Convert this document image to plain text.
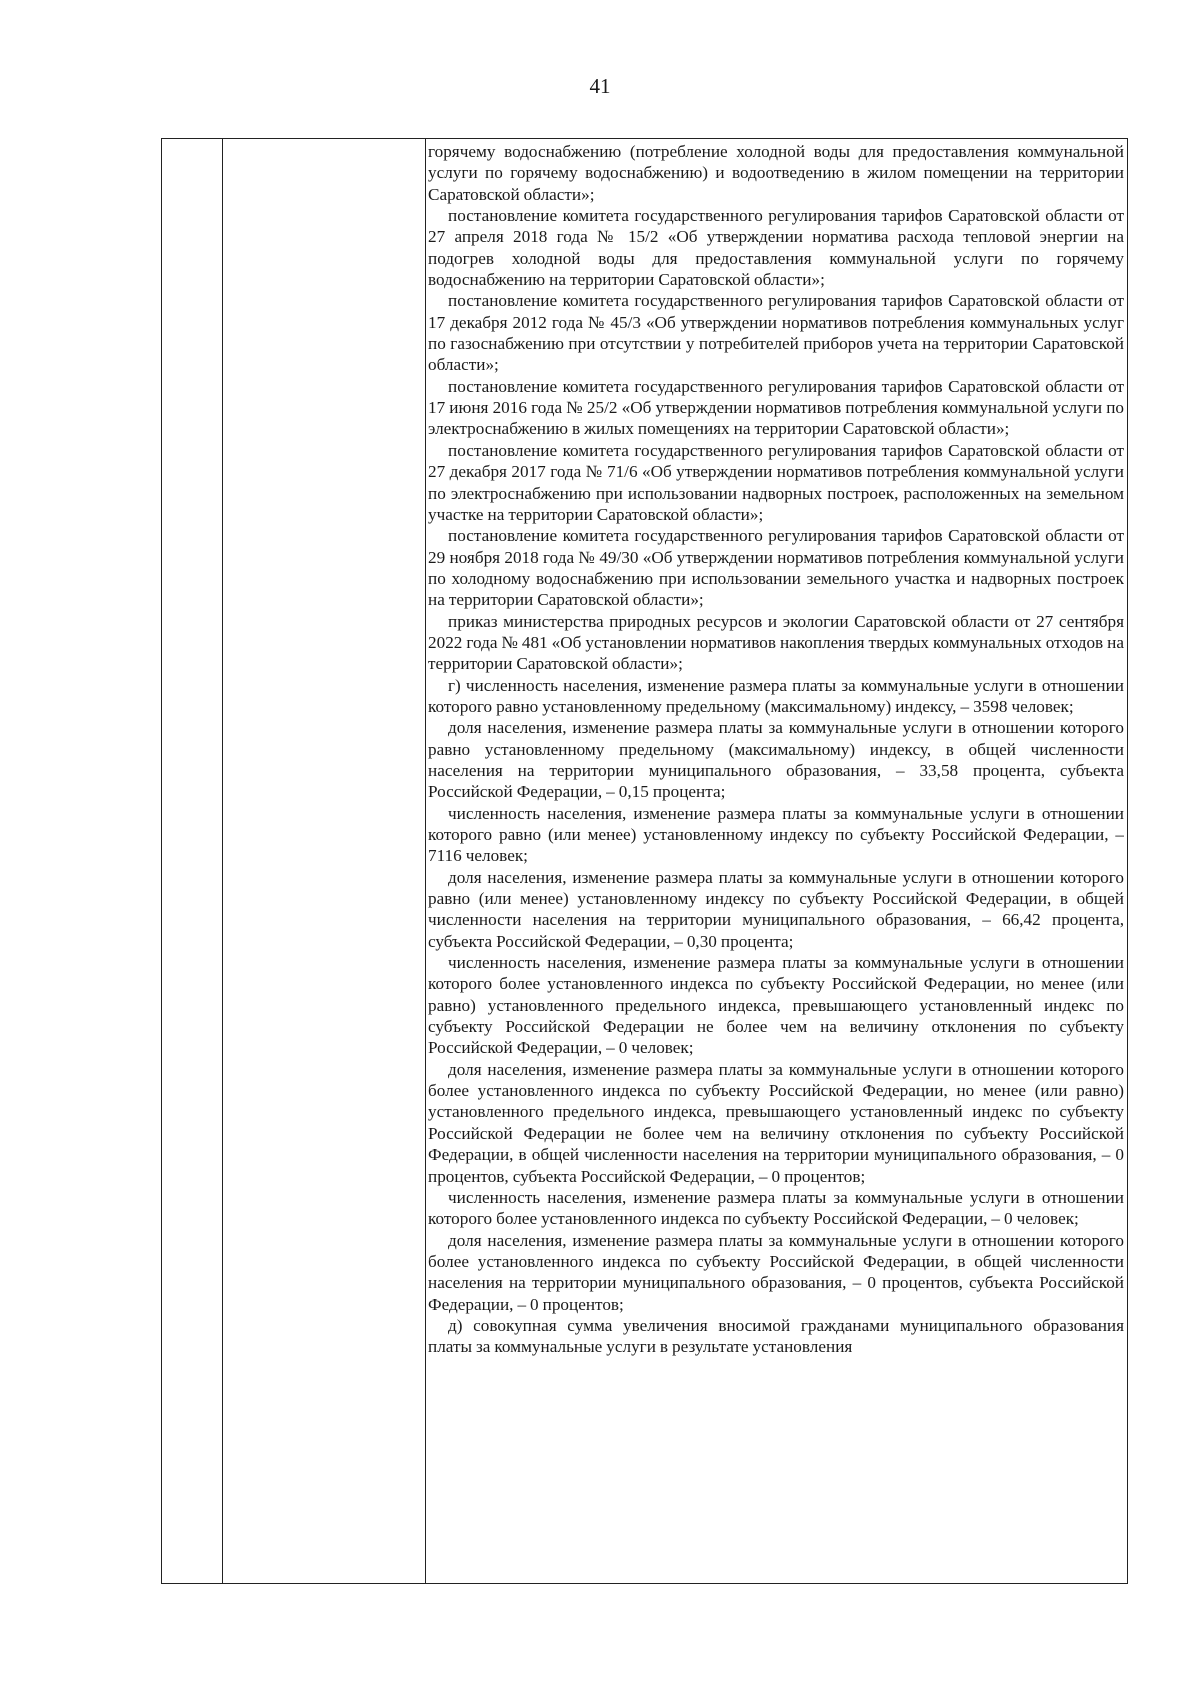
41

горячему водоснабжению (потребление холодной воды для предоставления коммунальной услуги по горячему водоснабжению) и водоотведению в жилом помещении на территории Саратовской области»;

постановление комитета государственного регулирования тарифов Саратовской области от 27 апреля 2018 года № 15/2 «Об утверждении норматива расхода тепловой энергии на подогрев холодной воды для предоставления коммунальной услуги по горячему водоснабжению на территории Саратовской области»;

постановление комитета государственного регулирования тарифов Саратовской области от 17 декабря 2012 года № 45/3 «Об утверждении нормативов потребления коммунальных услуг по газоснабжению при отсутствии у потребителей приборов учета на территории Саратовской области»;

постановление комитета государственного регулирования тарифов Саратовской области от 17 июня 2016 года № 25/2 «Об утверждении нормативов потребления коммунальной услуги по электроснабжению в жилых помещениях на территории Саратовской области»;

постановление комитета государственного регулирования тарифов Саратовской области от 27 декабря 2017 года № 71/6 «Об утверждении нормативов потребления коммунальной услуги по электроснабжению при использовании надворных построек, расположенных на земельном участке на территории Саратовской области»;

постановление комитета государственного регулирования тарифов Саратовской области от 29 ноября 2018 года № 49/30 «Об утверждении нормативов потребления коммунальной услуги по холодному водоснабжению при использовании земельного участка и надворных построек на территории Саратовской области»;

приказ министерства природных ресурсов и экологии Саратовской области от 27 сентября 2022 года № 481 «Об установлении нормативов накопления твердых коммунальных отходов на территории Саратовской области»;

г) численность населения, изменение размера платы за коммунальные услуги в отношении которого равно установленному предельному (максимальному) индексу, – 3598 человек;

доля населения, изменение размера платы за коммунальные услуги в отношении которого равно установленному предельному (максимальному) индексу, в общей численности населения на территории муниципального образования, – 33,58 процента, субъекта Российской Федерации, – 0,15 процента;

численность населения, изменение размера платы за коммунальные услуги в отношении которого равно (или менее) установленному индексу по субъекту Российской Федерации, – 7116 человек;

доля населения, изменение размера платы за коммунальные услуги в отношении которого равно (или менее) установленному индексу по субъекту Российской Федерации, в общей численности населения на территории муниципального образования, – 66,42 процента, субъекта Российской Федерации, – 0,30 процента;

численность населения, изменение размера платы за коммунальные услуги в отношении которого более установленного индекса по субъекту Российской Федерации, но менее (или равно) установленного предельного индекса, превышающего установленный индекс по субъекту Российской Федерации не более чем на величину отклонения по субъекту Российской Федерации, – 0 человек;

доля населения, изменение размера платы за коммунальные услуги в отношении которого более установленного индекса по субъекту Российской Федерации, но менее (или равно) установленного предельного индекса, превышающего установленный индекс по субъекту Российской Федерации не более чем на величину отклонения по субъекту Российской Федерации, в общей численности населения на территории муниципального образования, – 0 процентов, субъекта Российской Федерации, – 0 процентов;

численность населения, изменение размера платы за коммунальные услуги в отношении которого более установленного индекса по субъекту Российской Федерации, – 0 человек;

доля населения, изменение размера платы за коммунальные услуги в отношении которого более установленного индекса по субъекту Российской Федерации, в общей численности населения на территории муниципального образования, – 0 процентов, субъекта Российской Федерации, – 0 процентов;

д) совокупная сумма увеличения вносимой гражданами муниципального образования платы за коммунальные услуги в результате установления
